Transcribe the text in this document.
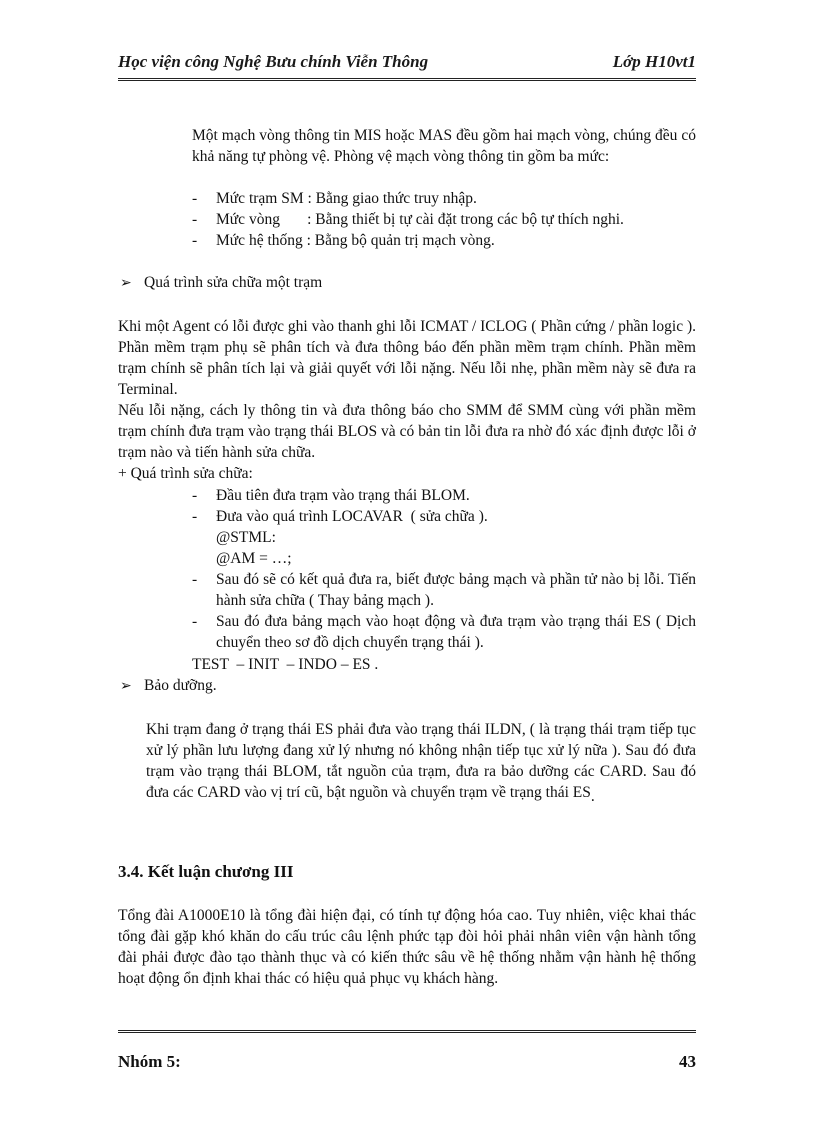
Học viện công Nghệ Bưu chính Viễn Thông	Lớp H10vt1
Một mạch vòng thông tin MIS hoặc MAS đều gồm hai mạch vòng, chúng đều có khả năng tự phòng vệ. Phòng vệ mạch vòng thông tin gồm ba mức:
- Mức trạm SM : Bằng giao thức truy nhập.
- Mức vòng       : Bằng thiết bị tự cài đặt trong các bộ tự thích nghi.
- Mức hệ thống : Bằng bộ quản trị mạch vòng.
➢ Quá trình sửa chữa một trạm
Khi một Agent có lỗi được ghi vào thanh ghi lỗi ICMAT / ICLOG ( Phần cứng / phần logic ). Phần mềm trạm phụ sẽ phân tích và đưa thông báo đến phần mềm trạm chính. Phần mềm trạm chính sẽ phân tích lại và giải quyết với lỗi nặng. Nếu lỗi nhẹ, phần mềm này sẽ đưa ra Terminal.
Nếu lỗi nặng, cách ly thông tin và đưa thông báo cho SMM để SMM cùng với phần mềm trạm chính đưa trạm vào trạng thái BLOS và có bản tin lỗi đưa ra nhờ đó xác định được lỗi ở trạm nào và tiến hành sửa chữa.
+ Quá trình sửa chữa:
- Đầu tiên đưa trạm vào trạng thái BLOM.
- Đưa vào quá trình LOCAVAR  ( sửa chữa ).
@STML:
@AM = …;
- Sau đó sẽ có kết quả đưa ra, biết được bảng mạch và phần tử nào bị lỗi. Tiến hành sửa chữa ( Thay bảng mạch ).
- Sau đó đưa bảng mạch vào hoạt động và đưa trạm vào trạng thái ES ( Dịch chuyển theo sơ đồ dịch chuyển trạng thái ).
TEST  – INIT  – INDO – ES .
➢ Bảo dưỡng.
Khi trạm đang ở trạng thái ES phải đưa vào trạng thái ILDN, ( là trạng thái trạm tiếp tục xử lý phần lưu lượng đang xử lý nhưng nó không nhận tiếp tục xử lý nữa ). Sau đó đưa trạm vào trạng thái BLOM, tắt nguồn của trạm, đưa ra bảo dưỡng các CARD. Sau đó đưa các CARD vào vị trí cũ, bật nguồn và chuyển trạm về trạng thái ES.
3.4. Kết luận chương III
Tổng đài A1000E10 là tổng đài hiện đại, có tính tự động hóa cao. Tuy nhiên, việc khai thác tổng đài gặp khó khăn do cấu trúc câu lệnh phức tạp đòi hỏi phải nhân viên vận hành tổng đài phải được đào tạo thành thục và có kiến thức sâu về hệ thống nhằm vận hành hệ thống hoạt động ổn định khai thác có hiệu quả phục vụ khách hàng.
Nhóm 5:	43
